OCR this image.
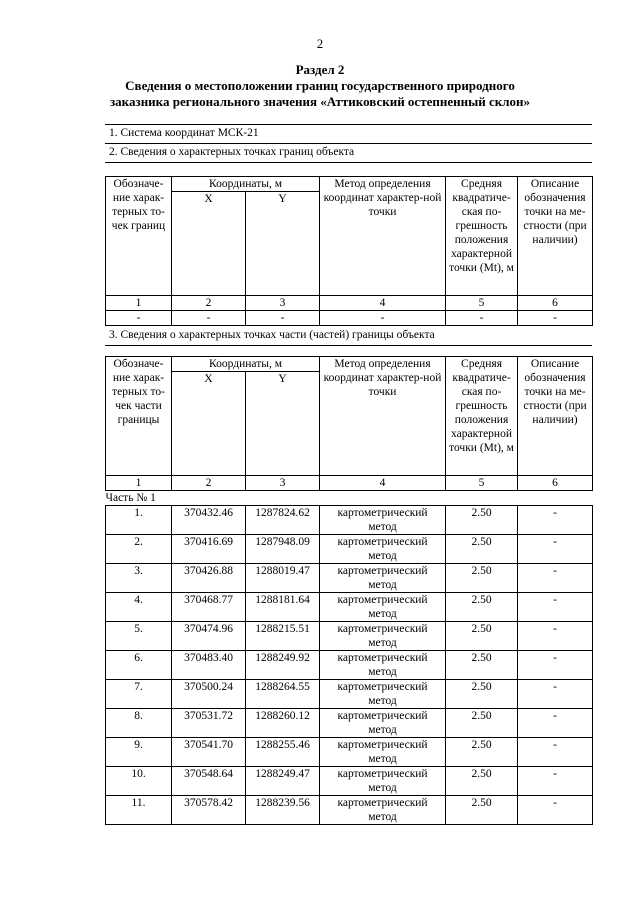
2
Раздел 2
Сведения о местоположении границ государственного природного
заказника регионального значения «Аттиковский остепненный склон»
1. Система координат МСК-21
2. Сведения о характерных точках границ объекта
Обозначе-ние харак-терных то-чек границ	Координаты, м		Метод определения координат характер-ной точки	Средняя квадратиче-ская по-грешность положения характерной точки (Mt), м	Описание обозначения точки на ме-стности (при наличии)
	X	Y			
1	2	3	4	5	6
-	-	-	-	-	-
3. Сведения о характерных точках части (частей) границы объекта
Обозначе-ние харак-терных то-чек части границы	Координаты, м		Метод определения координат характер-ной точки	Средняя квадратиче-ская по-грешность положения характерной точки (Mt), м	Описание обозначения точки на ме-стности (при наличии)
	X	Y			
1	2	3	4	5	6
Часть № 1					
1.	370432.46	1287824.62	картометрический метод	2.50	-
2.	370416.69	1287948.09	картометрический метод	2.50	-
3.	370426.88	1288019.47	картометрический метод	2.50	-
4.	370468.77	1288181.64	картометрический метод	2.50	-
5.	370474.96	1288215.51	картометрический метод	2.50	-
6.	370483.40	1288249.92	картометрический метод	2.50	-
7.	370500.24	1288264.55	картометрический метод	2.50	-
8.	370531.72	1288260.12	картометрический метод	2.50	-
9.	370541.70	1288255.46	картометрический метод	2.50	-
10.	370548.64	1288249.47	картометрический метод	2.50	-
11.	370578.42	1288239.56	картометрический метод	2.50	-
